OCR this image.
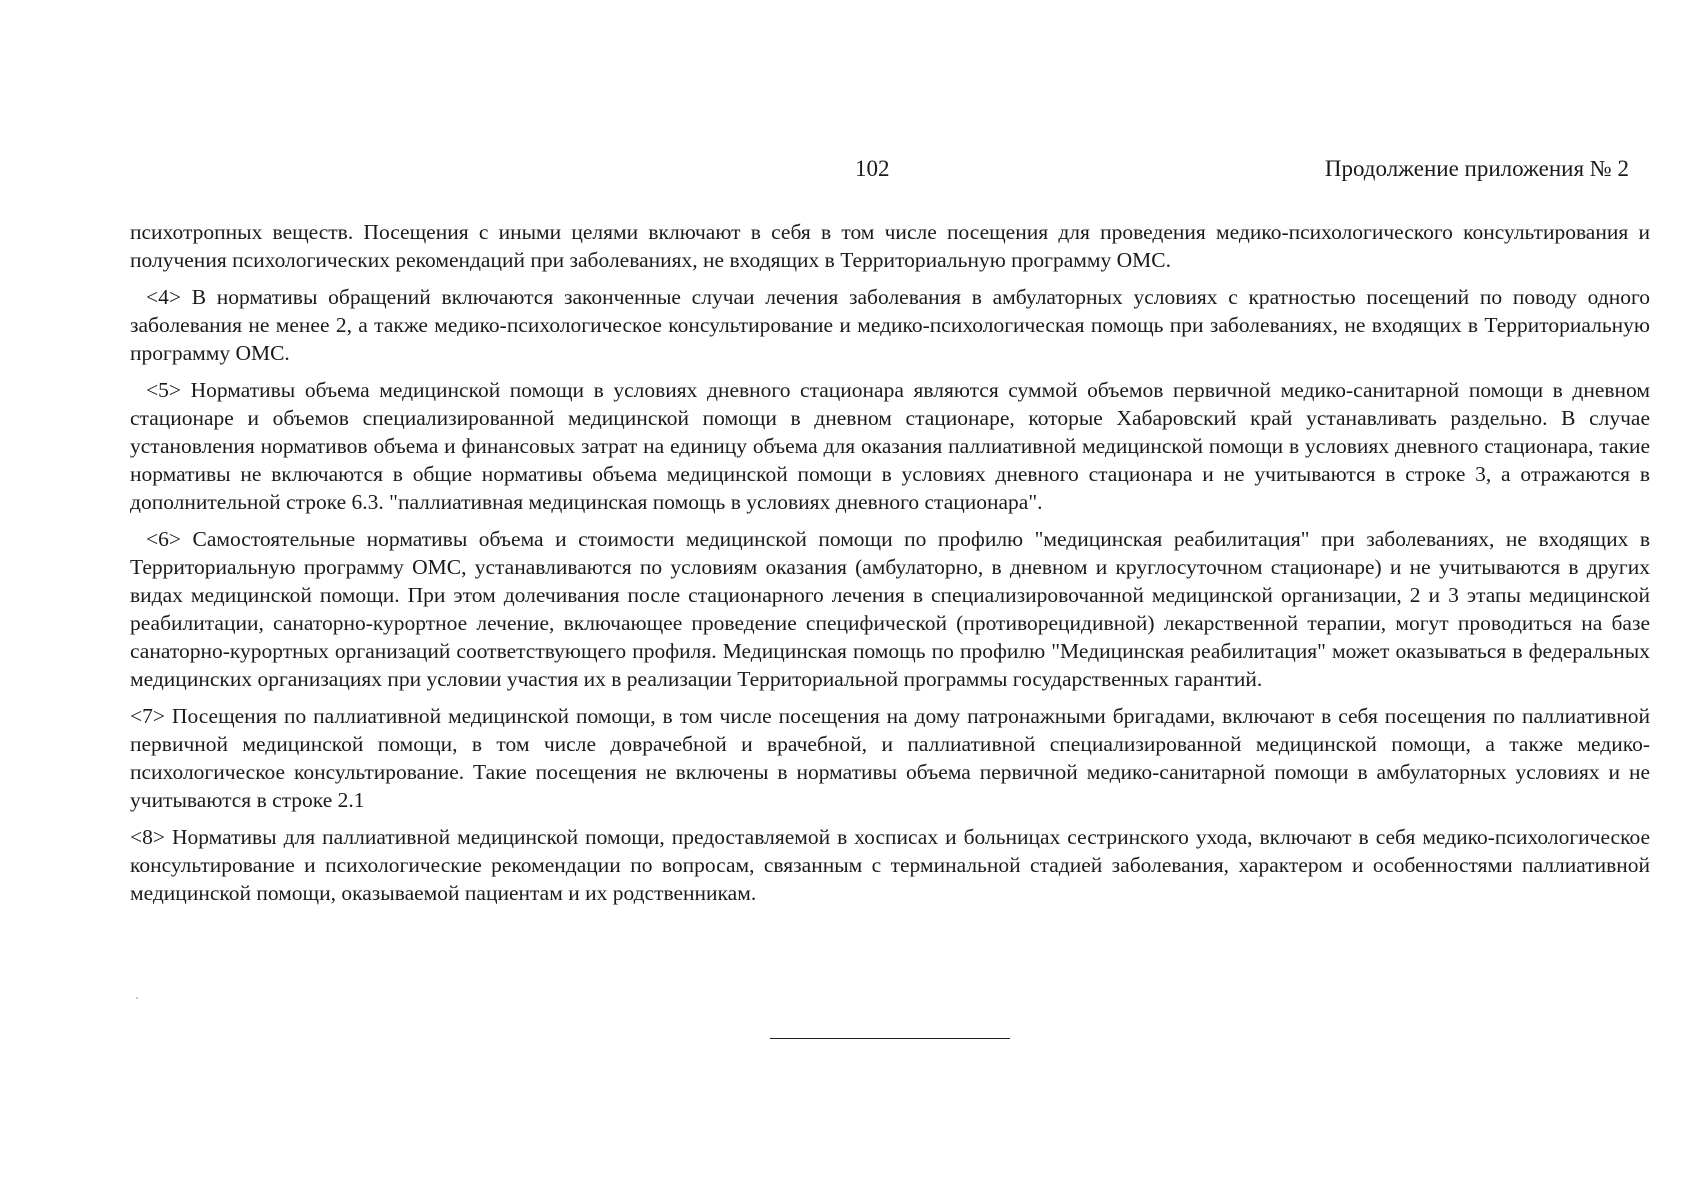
102	Продолжение приложения № 2

психотропных веществ. Посещения с иными целями включают в себя в том числе посещения для проведения медико-психологического консультирования и получения психологических рекомендаций при заболеваниях, не входящих в Территориальную программу ОМС.

<4> В нормативы обращений включаются законченные случаи лечения заболевания в амбулаторных условиях с кратностью посещений по поводу одного заболевания не менее 2, а также медико-психологическое консультирование и медико-психологическая помощь при заболеваниях, не входящих в Территориальную программу ОМС.

<5> Нормативы объема медицинской помощи в условиях дневного стационара являются суммой объемов первичной медико-санитарной помощи в дневном стационаре и объемов специализированной медицинской помощи в дневном стационаре, которые Хабаровский край устанавливать раздельно. В случае установления нормативов объема и финансовых затрат на единицу объема для оказания паллиативной медицинской помощи в условиях дневного стационара, такие нормативы не включаются в общие нормативы объема медицинской помощи в условиях дневного стационара и не учитываются в строке 3, а отражаются в дополнительной строке 6.3. "паллиативная медицинская помощь в условиях дневного стационара".

<6> Самостоятельные нормативы объема и стоимости медицинской помощи по профилю "медицинская реабилитация" при заболеваниях, не входящих в Территориальную программу ОМС, устанавливаются по условиям оказания (амбулаторно, в дневном и круглосуточном стационаре) и не учитываются в других видах медицинской помощи. При этом долечивания после стационарного лечения в специализировочанной медицинской организации, 2 и 3 этапы медицинской реабилитации, санаторно-курортное лечение, включающее проведение специфической (противорецидивной) лекарственной терапии, могут проводиться на базе санаторно-курортных организаций соответствующего профиля. Медицинская помощь по профилю "Медицинская реабилитация" может оказываться в федеральных медицинских организациях при условии участия их в реализации Территориальной программы государственных гарантий.

<7> Посещения по паллиативной медицинской помощи, в том числе посещения на дому патронажными бригадами, включают в себя посещения по паллиативной первичной медицинской помощи, в том числе доврачебной и врачебной, и паллиативной специализированной медицинской помощи, а также медико-психологическое консультирование. Такие посещения не включены в нормативы объема первичной медико-санитарной помощи в амбулаторных условиях и не учитываются в строке 2.1

<8> Нормативы для паллиативной медицинской помощи, предоставляемой в хосписах и больницах сестринского ухода, включают в себя медико-психологическое консультирование и психологические рекомендации по вопросам, связанным с терминальной стадией заболевания, характером и особенностями паллиативной медицинской помощи, оказываемой пациентам и их родственникам.
